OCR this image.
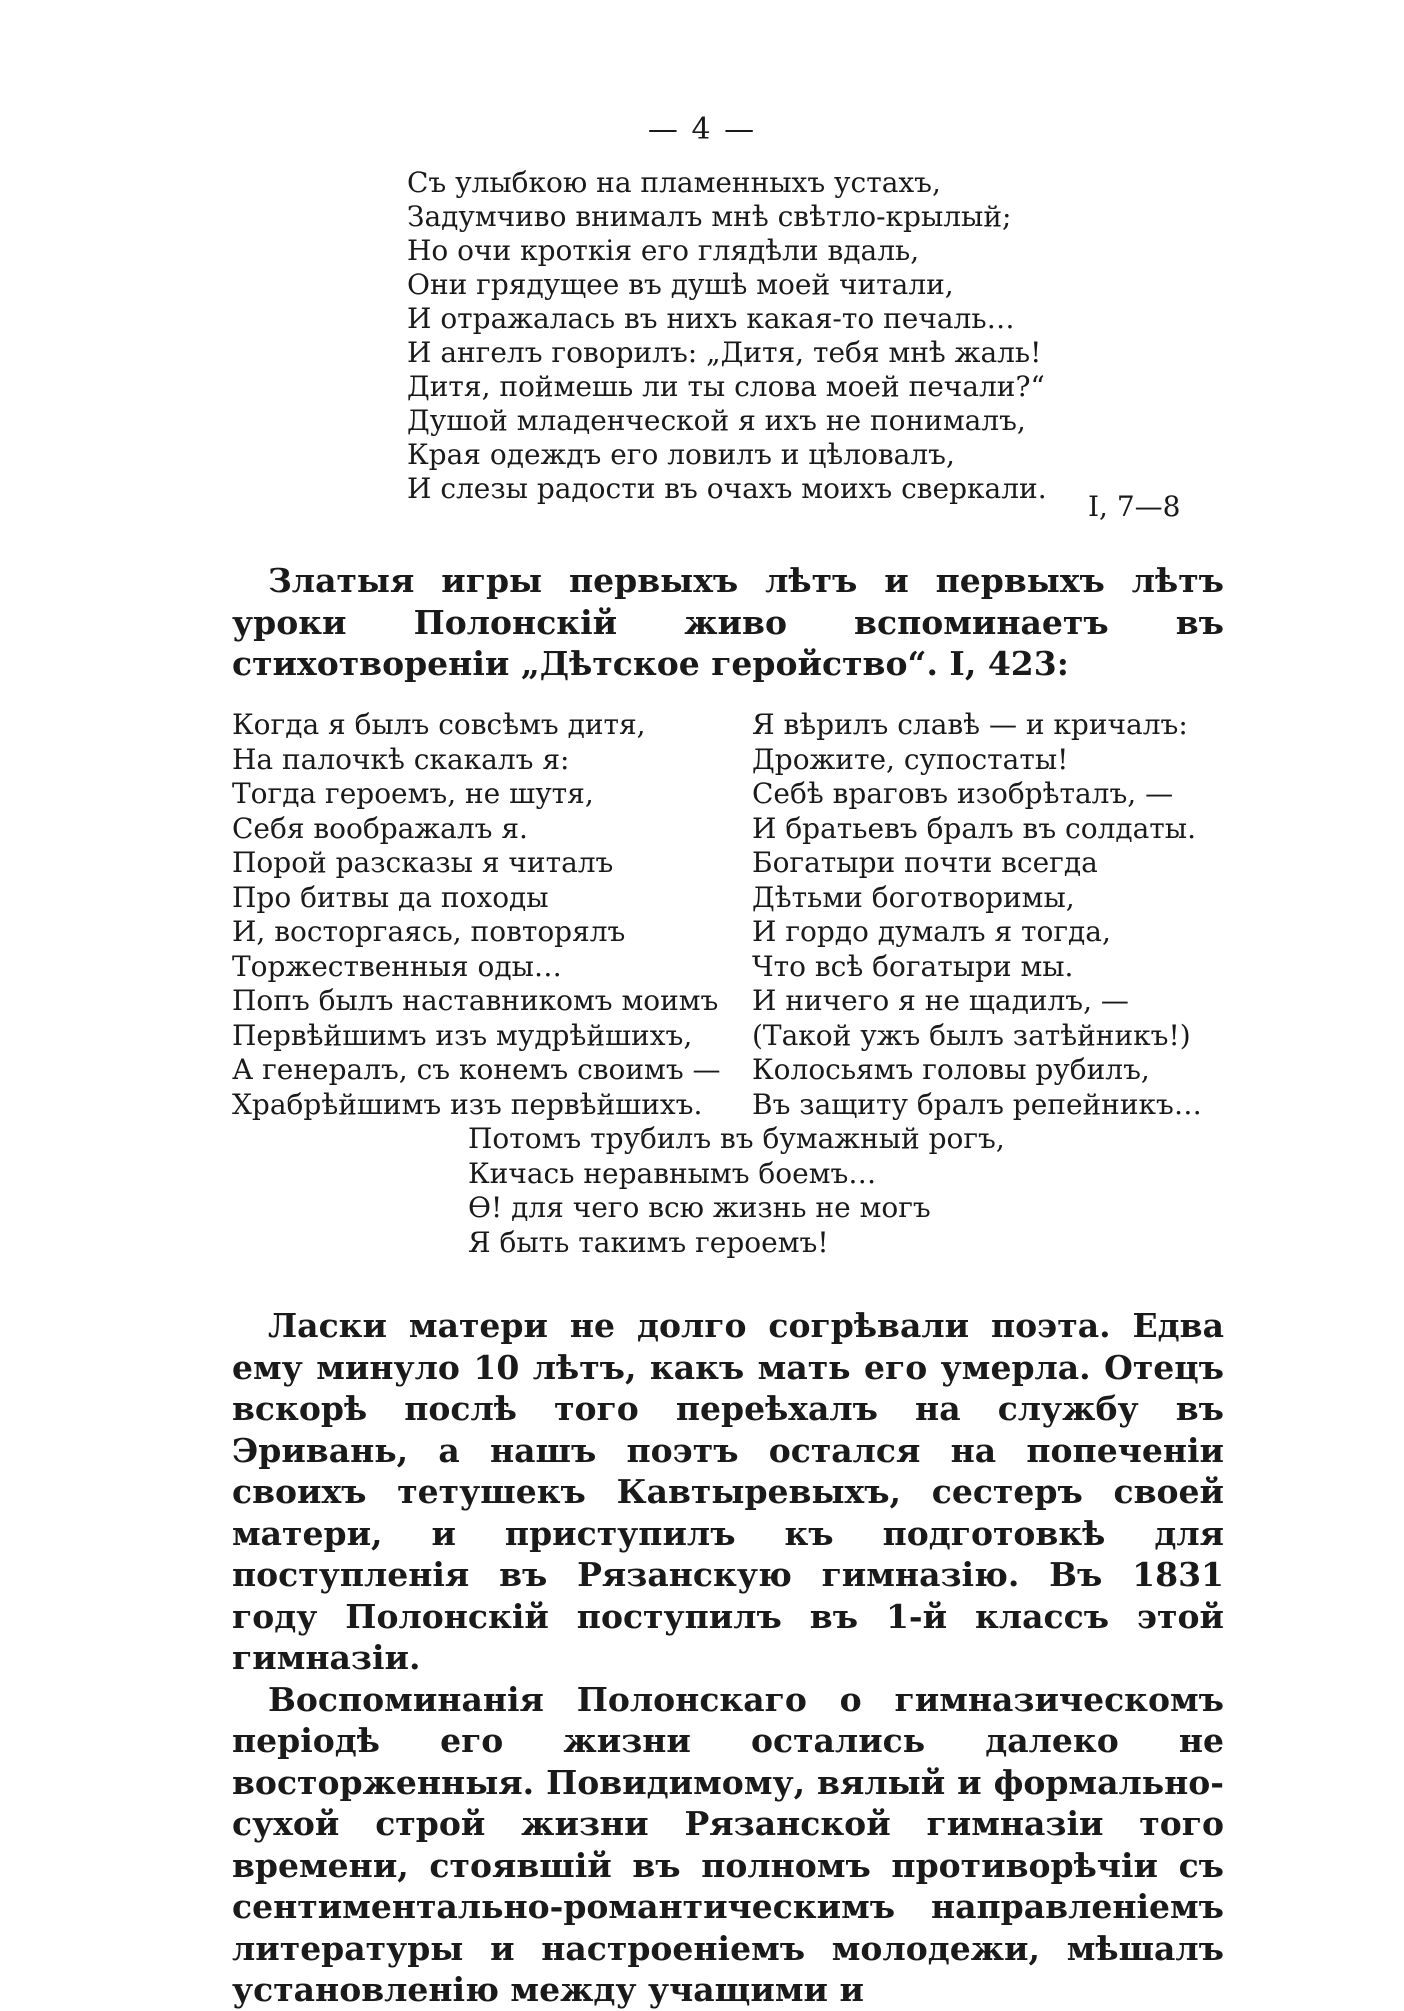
— 4 —
Съ улыбкою на пламенныхъ устахъ,
Задумчиво внималъ мнѣ свѣтло-крылый;
Но очи кроткія его глядѣли вдаль,
Они грядущее въ душѣ моей читали,
И отражалась въ нихъ какая-то печаль…
И ангелъ говорилъ: „Дитя, тебя мнѣ жаль!
Дитя, поймешь ли ты слова моей печали?“
Душой младенческой я ихъ не понималъ,
Края одеждъ его ловилъ и цѣловалъ,
И слезы радости въ очахъ моихъ сверкали.
I, 7—8

Златыя игры первыхъ лѣтъ и первыхъ лѣтъ уроки Полонскій живо вспоминаетъ въ стихотвореніи „Дѣтское геройство“. I, 423:

Когда я былъ совсѣмъ дитя,
На палочкѣ скакалъ я:
Тогда героемъ, не шутя,
Себя воображалъ я.
Порой разсказы я читалъ
Про битвы да походы
И, восторгаясь, повторялъ
Торжественныя оды…
Попъ былъ наставникомъ моимъ
Первѣйшимъ изъ мудрѣйшихъ,
А генералъ, съ конемъ своимъ —
Храбрѣйшимъ изъ первѣйшихъ.
Я вѣрилъ славѣ — и кричалъ:
Дрожите, супостаты!
Себѣ враговъ изобрѣталъ, —
И братьевъ бралъ въ солдаты.
Богатыри почти всегда
Дѣтьми боготворимы,
И гордо думалъ я тогда,
Что всѣ богатыри мы.
И ничего я не щадилъ, —
(Такой ужъ былъ затѣйникъ!)
Колосьямъ головы рубилъ,
Въ защиту бралъ репейникъ…
Потомъ трубилъ въ бумажный рогъ,
Кичась неравнымъ боемъ…
Ѳ! для чего всю жизнь не могъ
Я быть такимъ героемъ!

Ласки матери не долго согрѣвали поэта. Едва ему минуло 10 лѣтъ, какъ мать его умерла. Отецъ вскорѣ послѣ того переѣхалъ на службу въ Эривань, а нашъ поэтъ остался на попеченіи своихъ тетушекъ Кавтыревыхъ, сестеръ своей матери, и приступилъ къ подготовкѣ для поступленія въ Рязанскую гимназію. Въ 1831 году Полонскій поступилъ въ 1-й классъ этой гимназіи.

Воспоминанія Полонскаго о гимназическомъ періодѣ его жизни остались далеко не восторженныя. Повидимому, вялый и формально-сухой строй жизни Рязанской гимназіи того времени, стоявшій въ полномъ противорѣчіи съ сентиментально-романтическимъ направленіемъ литературы и настроеніемъ молодежи, мѣшалъ установленію между учащими и
